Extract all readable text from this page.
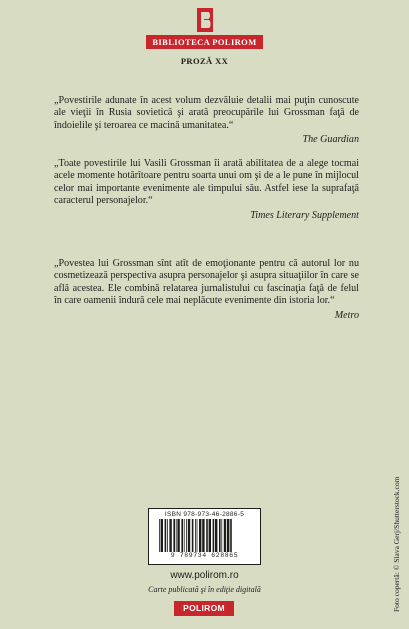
BIBLIOTECA POLIROM
PROZĂ XX

„Povestirile adunate în acest volum dezvăluie detalii mai puţin cunoscute ale vieţii în Rusia sovietică şi arată preocupările lui Grossman faţă de îndoielile şi teroarea ce macină umanitatea.“

The Guardian

„Toate povestirile lui Vasili Grossman îi arată abilitatea de a alege tocmai acele momente hotărîtoare pentru soarta unui om şi de a le pune în mijlocul celor mai importante evenimente ale timpului său. Astfel iese la suprafaţă caracterul personajelor.“

Times Literary Supplement

„Povestea lui Grossman sînt atît de emoţionante pentru că autorul lor nu cosmetizează perspectiva asupra personajelor şi asupra situaţiilor în care se află acestea. Ele combină relatarea jurnalistului cu fascinaţia faţă de felul în care oamenii îndură cele mai neplăcute evenimente din istoria lor.“

Metro
ISBN 978-973-46-2886-5
9 789734 628865
www.polirom.ro
Carte publicată şi în ediţie digitală
POLIROM	Foto copertă: © Slava Gerj/Shutterstock.com
